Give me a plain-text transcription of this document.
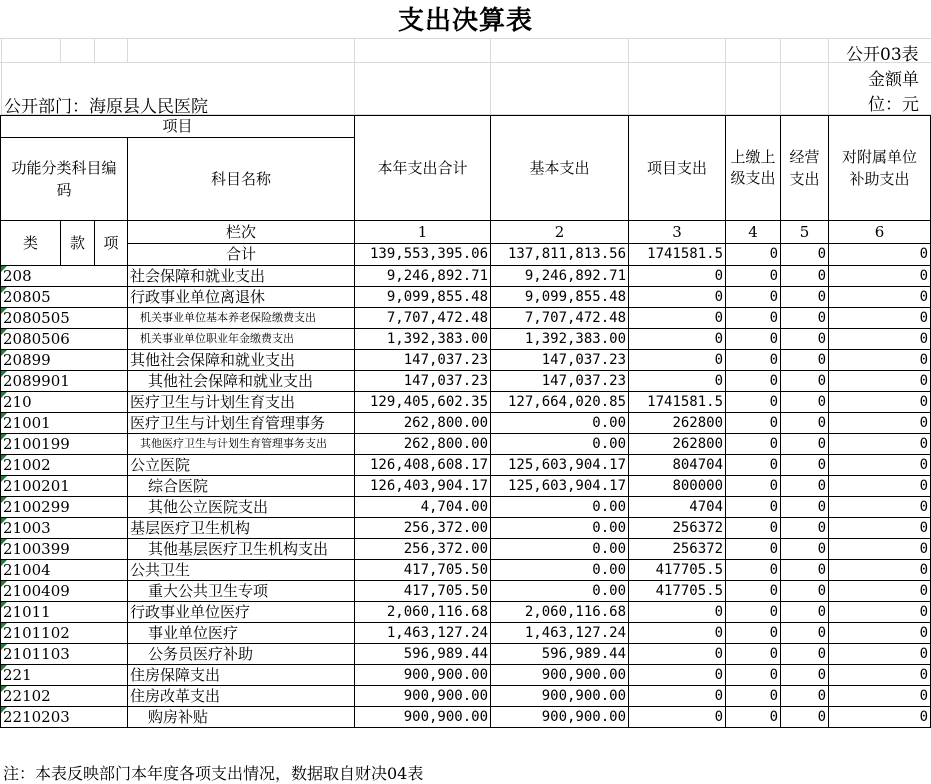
支出决算表
公开03表
金额单
位：元
公开部门：海原县人民医院
项目				本年支出合计	基本支出	项目支出	上缴上级支出	经营支出	对附属单位补助支出
功能分类科目编码			科目名称						
类	款	项	栏次	1	2	3	4	5	6
			合计	139,553,395.06	137,811,813.56	1741581.5	0	0	0
208			社会保障和就业支出	9,246,892.71	9,246,892.71	0	0	0	0
20805			行政事业单位离退休	9,099,855.48	9,099,855.48	0	0	0	0
2080505			机关事业单位基本养老保险缴费支出	7,707,472.48	7,707,472.48	0	0	0	0
2080506			机关事业单位职业年金缴费支出	1,392,383.00	1,392,383.00	0	0	0	0
20899			其他社会保障和就业支出	147,037.23	147,037.23	0	0	0	0
2089901			其他社会保障和就业支出	147,037.23	147,037.23	0	0	0	0
210			医疗卫生与计划生育支出	129,405,602.35	127,664,020.85	1741581.5	0	0	0
21001			医疗卫生与计划生育管理事务	262,800.00	0.00	262800	0	0	0
2100199			其他医疗卫生与计划生育管理事务支出	262,800.00	0.00	262800	0	0	0
21002			公立医院	126,408,608.17	125,603,904.17	804704	0	0	0
2100201			综合医院	126,403,904.17	125,603,904.17	800000	0	0	0
2100299			其他公立医院支出	4,704.00	0.00	4704	0	0	0
21003			基层医疗卫生机构	256,372.00	0.00	256372	0	0	0
2100399			其他基层医疗卫生机构支出	256,372.00	0.00	256372	0	0	0
21004			公共卫生	417,705.50	0.00	417705.5	0	0	0
2100409			重大公共卫生专项	417,705.50	0.00	417705.5	0	0	0
21011			行政事业单位医疗	2,060,116.68	2,060,116.68	0	0	0	0
2101102			事业单位医疗	1,463,127.24	1,463,127.24	0	0	0	0
2101103			公务员医疗补助	596,989.44	596,989.44	0	0	0	0
221			住房保障支出	900,900.00	900,900.00	0	0	0	0
22102			住房改革支出	900,900.00	900,900.00	0	0	0	0
2210203			购房补贴	900,900.00	900,900.00	0	0	0	0
注：本表反映部门本年度各项支出情况，数据取自财决04表
